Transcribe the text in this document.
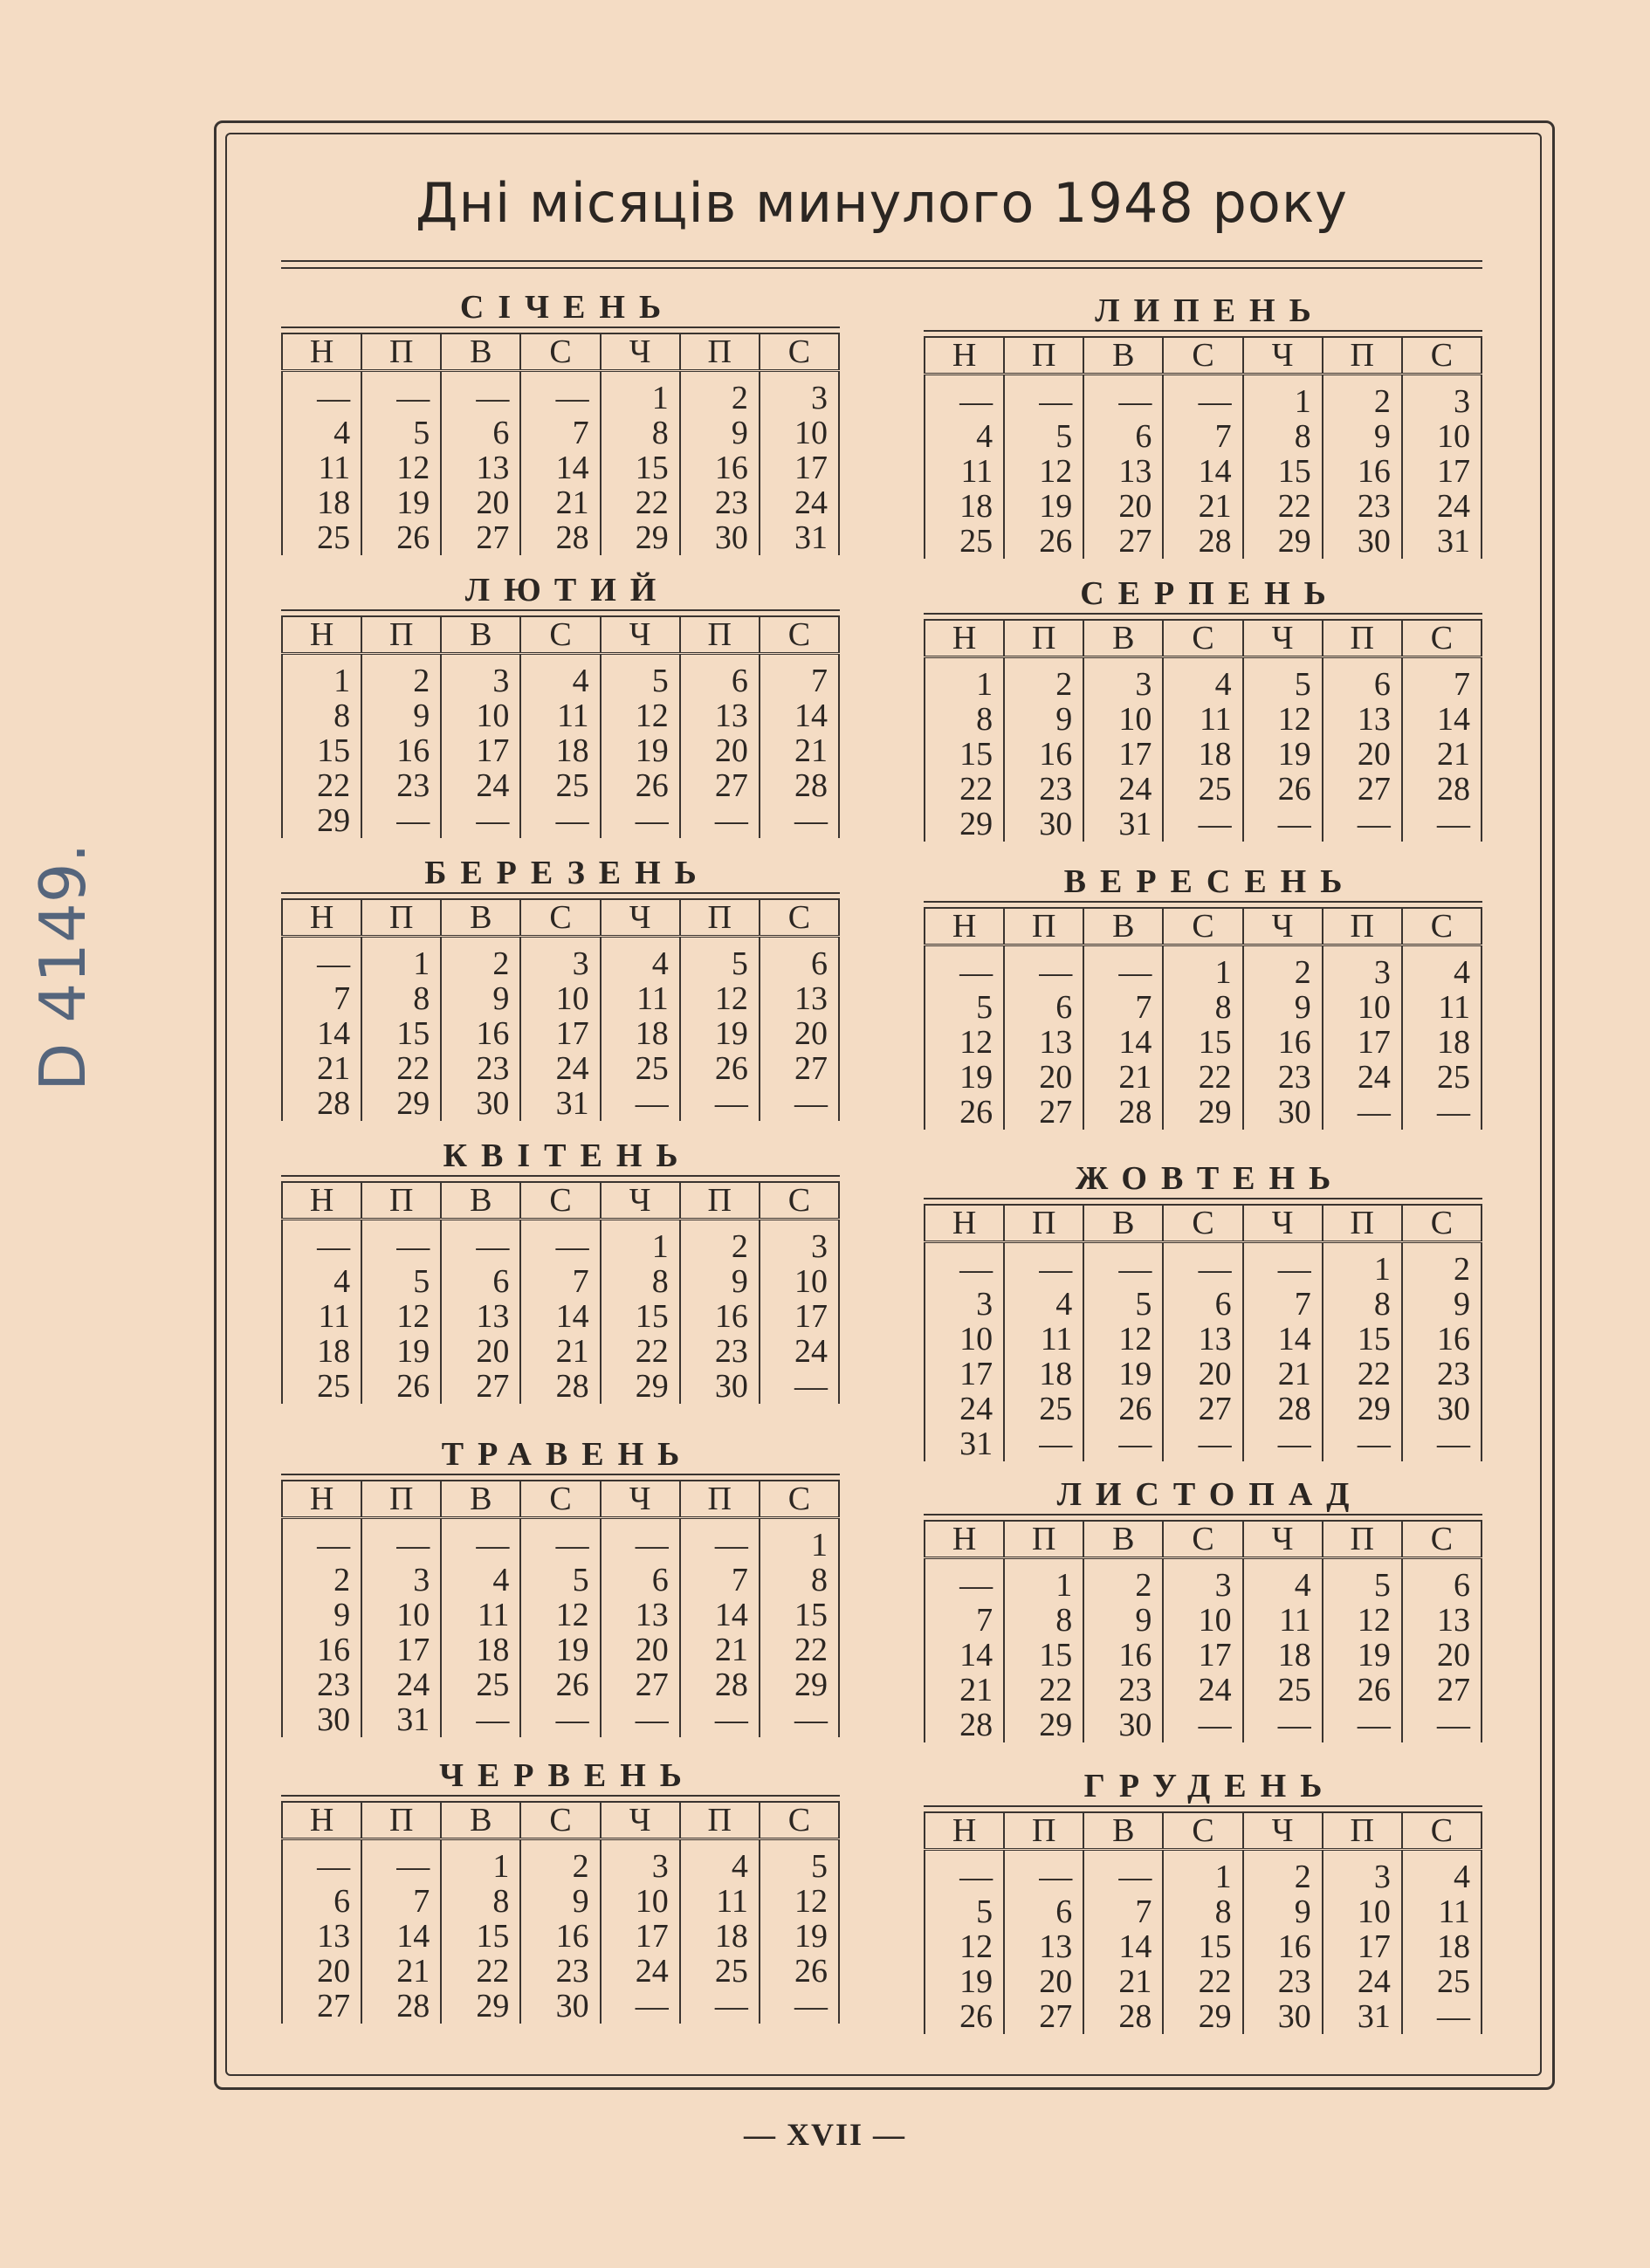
D 4149.
Дні місяців минулого 1948 року
СІЧЕНЬ
Н	П	В	С	Ч	П	С
—	—	—	—	1	2	3
4	5	6	7	8	9	10
11	12	13	14	15	16	17
18	19	20	21	22	23	24
25	26	27	28	29	30	31
ЛЮТИЙ
Н	П	В	С	Ч	П	С
1	2	3	4	5	6	7
8	9	10	11	12	13	14
15	16	17	18	19	20	21
22	23	24	25	26	27	28
29	—	—	—	—	—	—
БЕРЕЗЕНЬ
Н	П	В	С	Ч	П	С
—	1	2	3	4	5	6
7	8	9	10	11	12	13
14	15	16	17	18	19	20
21	22	23	24	25	26	27
28	29	30	31	—	—	—
КВІТЕНЬ
Н	П	В	С	Ч	П	С
—	—	—	—	1	2	3
4	5	6	7	8	9	10
11	12	13	14	15	16	17
18	19	20	21	22	23	24
25	26	27	28	29	30	—
ТРАВЕНЬ
Н	П	В	С	Ч	П	С
—	—	—	—	—	—	1
2	3	4	5	6	7	8
9	10	11	12	13	14	15
16	17	18	19	20	21	22
23	24	25	26	27	28	29
30	31	—	—	—	—	—
ЧЕРВЕНЬ
Н	П	В	С	Ч	П	С
—	—	1	2	3	4	5
6	7	8	9	10	11	12
13	14	15	16	17	18	19
20	21	22	23	24	25	26
27	28	29	30	—	—	—
ЛИПЕНЬ
Н	П	В	С	Ч	П	С
—	—	—	—	1	2	3
4	5	6	7	8	9	10
11	12	13	14	15	16	17
18	19	20	21	22	23	24
25	26	27	28	29	30	31
СЕРПЕНЬ
Н	П	В	С	Ч	П	С
1	2	3	4	5	6	7
8	9	10	11	12	13	14
15	16	17	18	19	20	21
22	23	24	25	26	27	28
29	30	31	—	—	—	—
ВЕРЕСЕНЬ
Н	П	В	С	Ч	П	С
—	—	—	1	2	3	4
5	6	7	8	9	10	11
12	13	14	15	16	17	18
19	20	21	22	23	24	25
26	27	28	29	30	—	—
ЖОВТЕНЬ
Н	П	В	С	Ч	П	С
—	—	—	—	—	1	2
3	4	5	6	7	8	9
10	11	12	13	14	15	16
17	18	19	20	21	22	23
24	25	26	27	28	29	30
31	—	—	—	—	—	—
ЛИСТОПАД
Н	П	В	С	Ч	П	С
—	1	2	3	4	5	6
7	8	9	10	11	12	13
14	15	16	17	18	19	20
21	22	23	24	25	26	27
28	29	30	—	—	—	—
ГРУДЕНЬ
Н	П	В	С	Ч	П	С
—	—	—	1	2	3	4
5	6	7	8	9	10	11
12	13	14	15	16	17	18
19	20	21	22	23	24	25
26	27	28	29	30	31	—
— XVII —
